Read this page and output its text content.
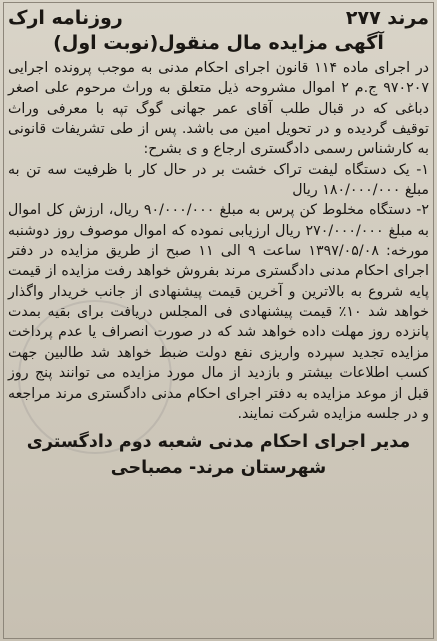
مرند ۲۷۷
روزنامه ارک
آگهی مزایده مال منقول(نوبت اول)

در اجرای ماده ۱۱۴ قانون اجرای احکام مدنی به موجب پرونده اجرایی ۹۷۰۲۰۷ ج.م ۲ اموال مشروحه ذیل متعلق به وراث مرحوم علی اصغر دباغی که در قبال طلب آقای عمر جهانی گوگ تپه با معرفی وراث توقیف گردیده و در تحویل امین می باشد. پس از طی تشریفات قانونی به کارشناس رسمی دادگستری ارجاع و ی بشرح:

۱- یک دستگاه لیفت تراک خشت بر در حال کار با ظرفیت سه تن به مبلغ ۱۸۰/۰۰۰/۰۰۰ ریال

۲- دستگاه مخلوط کن پرس به مبلغ ۹۰/۰۰۰/۰۰۰ ریال، ارزش کل اموال به مبلغ ۲۷۰/۰۰۰/۰۰۰ ریال ارزیابی نموده که اموال موصوف روز دوشنبه مورخه: ۱۳۹۷/۰۵/۰۸ ساعت ۹ الی ۱۱ صبح از طریق مزایده در دفتر اجرای احکام مدنی دادگستری مرند بفروش خواهد رفت مزایده از قیمت پایه شروع به بالاترین و آخرین قیمت پیشنهادی از جانب خریدار واگذار خواهد شد ۱۰٪ قیمت پیشنهادی فی المجلس دریافت برای بقیه بمدت پانزده روز مهلت داده خواهد شد که در صورت انصراف یا عدم پرداخت مزایده تجدید سپرده واریزی نفع دولت ضبط خواهد شد طالبین جهت کسب اطلاعات بیشتر و بازدید از مال مورد مزایده می توانند پنج روز قبل از موعد مزایده به دفتر اجرای احکام مدنی دادگستری مرند مراجعه و در جلسه مزایده شرکت نمایند.

مدیر اجرای احکام مدنی شعبه دوم دادگستری
شهرستان مرند- مصباحی
